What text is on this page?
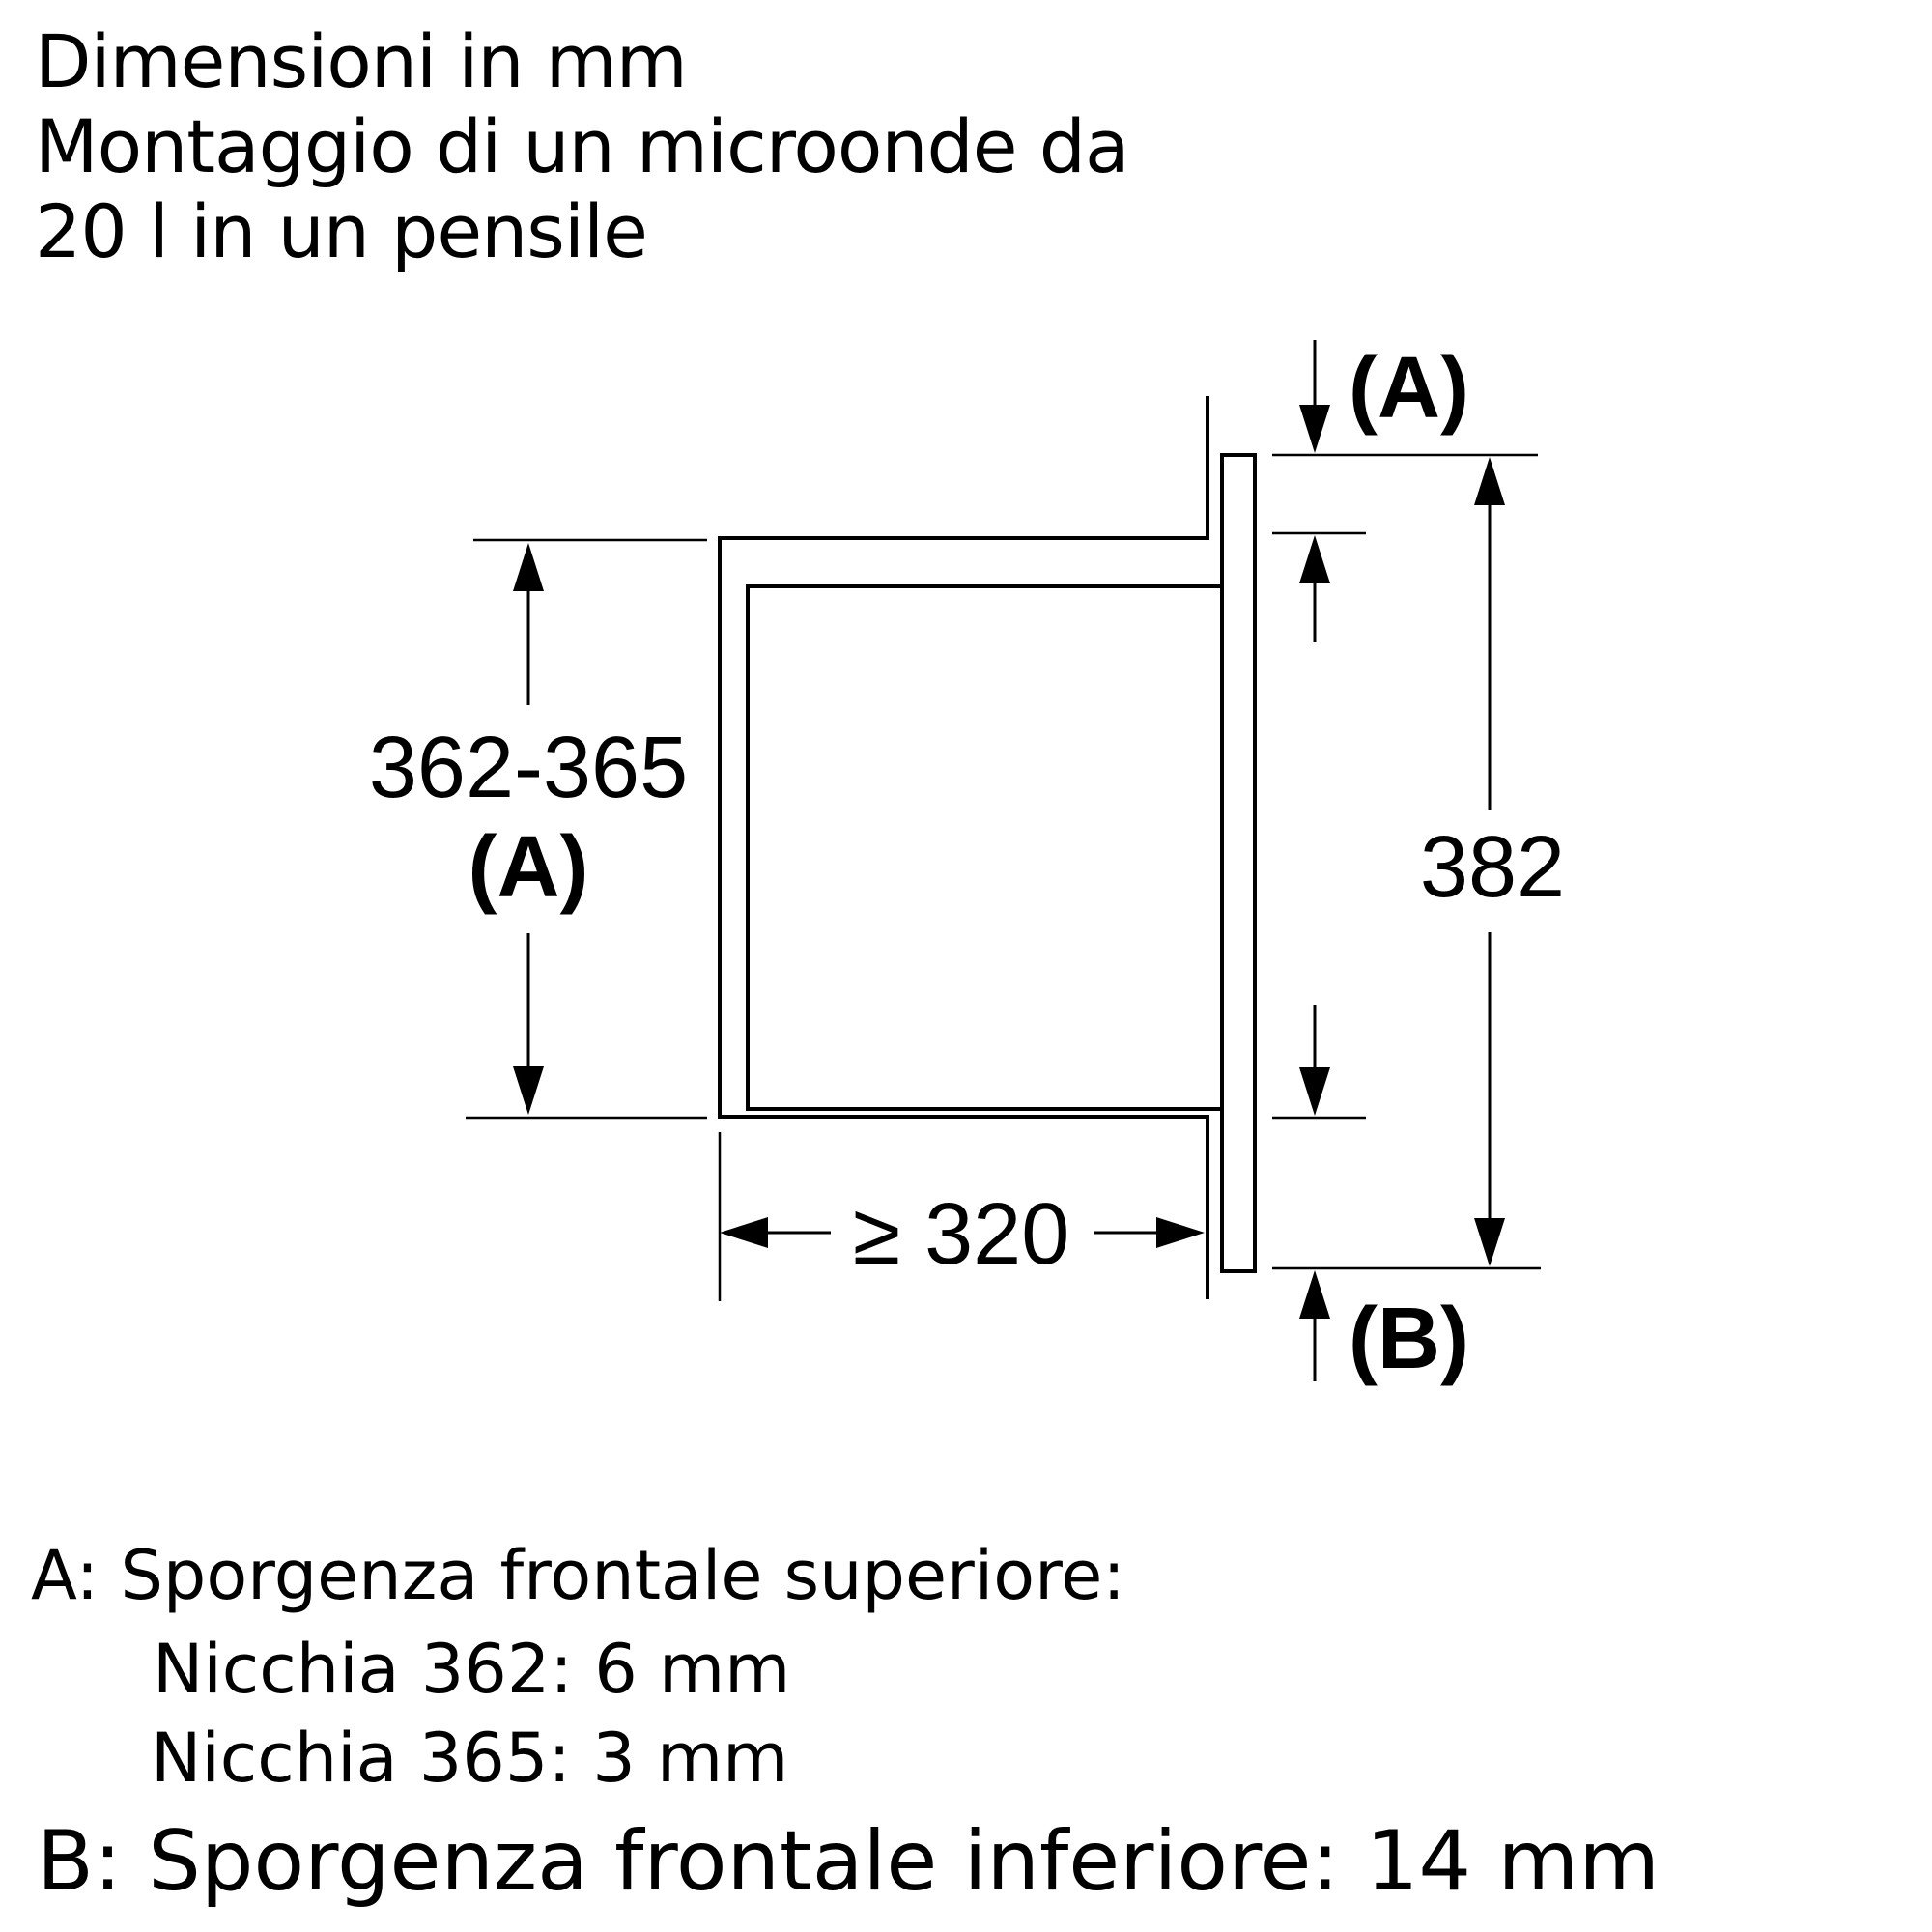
Dimensioni in mm
Montaggio di un microonde da
20 l in un pensile
362-365
(A)	382
≥ 320
(A)
(B)

A: Sporgenza frontale superiore:

Nicchia 362: 6 mm

Nicchia 365: 3 mm

B: Sporgenza frontale inferiore: 14 mm
